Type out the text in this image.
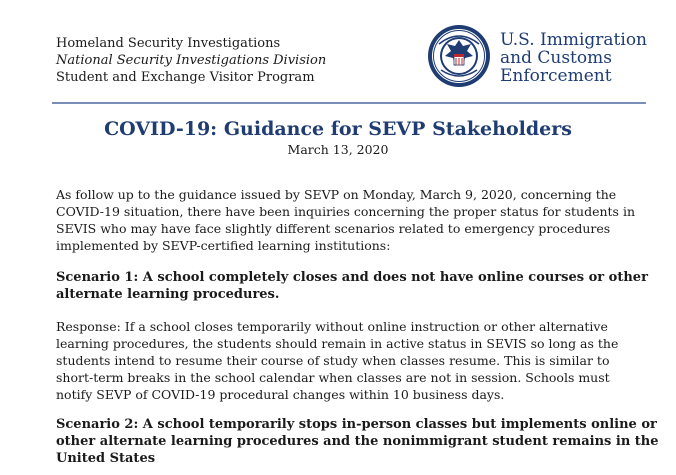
Homeland Security Investigations
National Security Investigations Division
Student and Exchange Visitor Program
U.S. Immigration
and Customs
Enforcement
COVID-19: Guidance for SEVP Stakeholders
March 13, 2020
As follow up to the guidance issued by SEVP on Monday, March 9, 2020, concerning the
COVID-19 situation, there have been inquiries concerning the proper status for students in
SEVIS who may have face slightly different scenarios related to emergency procedures
implemented by SEVP-certified learning institutions:
Scenario 1: A school completely closes and does not have online courses or other
alternate learning procedures.
Response: If a school closes temporarily without online instruction or other alternative
learning procedures, the students should remain in active status in SEVIS so long as the
students intend to resume their course of study when classes resume. This is similar to
short-term breaks in the school calendar when classes are not in session. Schools must
notify SEVP of COVID-19 procedural changes within 10 business days.
Scenario 2: A school temporarily stops in-person classes but implements online or
other alternate learning procedures and the nonimmigrant student remains in the
United States
